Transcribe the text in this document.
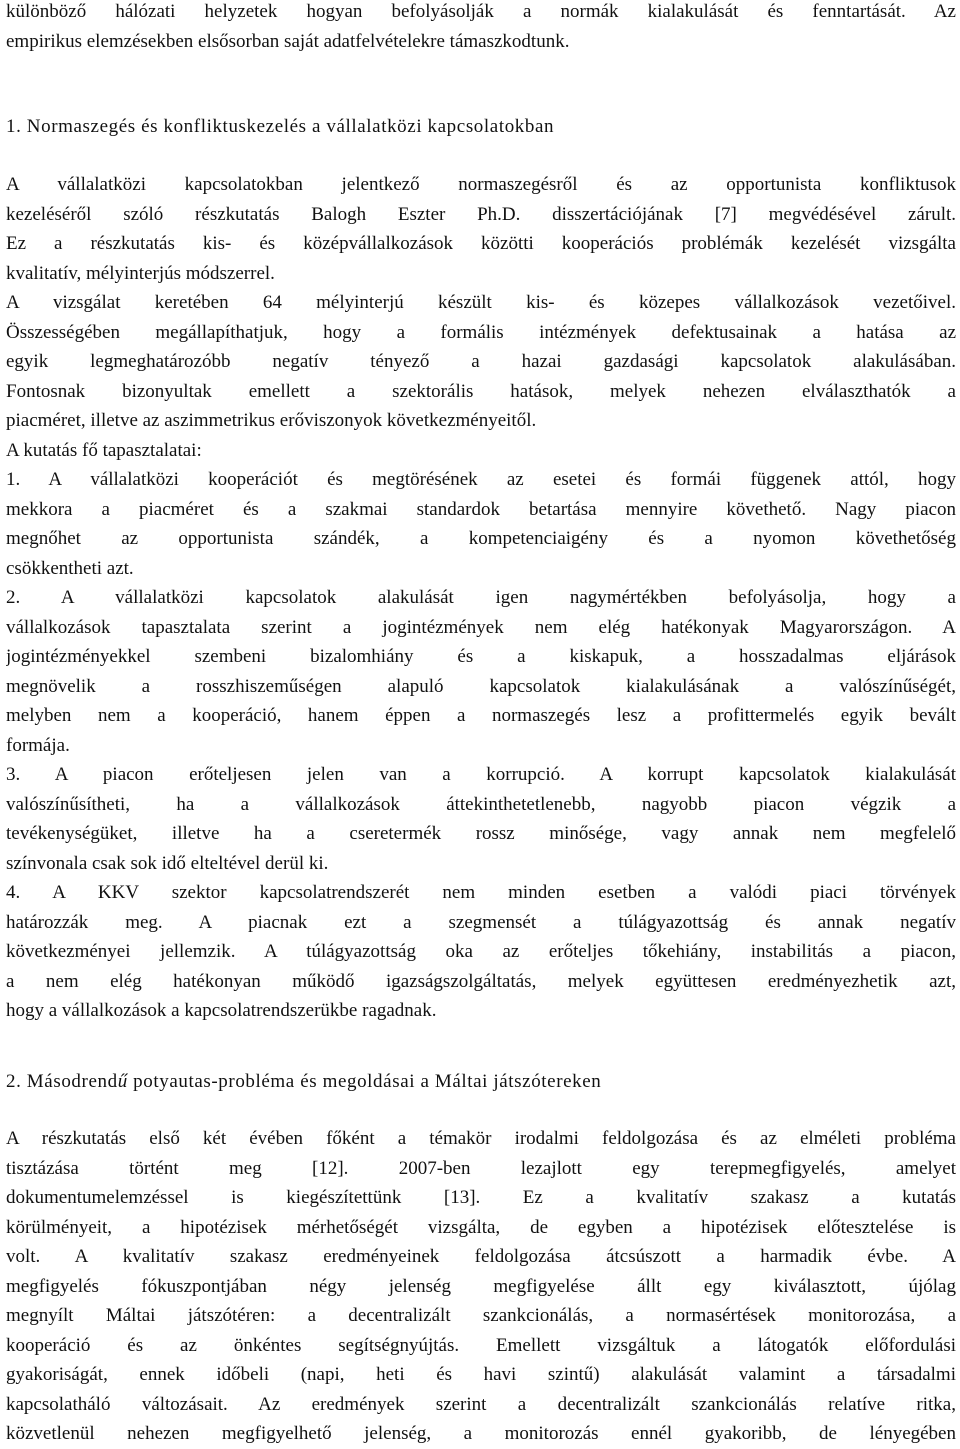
különböző hálózati helyzetek hogyan befolyásolják a normák kialakulását és fenntartását. Az
empirikus elemzésekben elsősorban saját adatfelvételekre támaszkodtunk.
1. Normaszegés és konfliktuskezelés a vállalatközi kapcsolatokban
A vállalatközi kapcsolatokban jelentkező normaszegésről és az opportunista konfliktusok
kezeléséről szóló részkutatás Balogh Eszter Ph.D. disszertációjának [7] megvédésével zárult.
Ez a részkutatás kis- és középvállalkozások közötti kooperációs problémák kezelését vizsgálta
kvalitatív, mélyinterjús módszerrel.
A vizsgálat keretében 64 mélyinterjú készült kis- és közepes vállalkozások vezetőivel.
Összességében megállapíthatjuk, hogy a formális intézmények defektusainak a hatása az
egyik legmeghatározóbb negatív tényező a hazai gazdasági kapcsolatok alakulásában.
Fontosnak bizonyultak emellett a szektorális hatások, melyek nehezen elválaszthatók a
piacméret, illetve az aszimmetrikus erőviszonyok következményeitől.
A kutatás fő tapasztalatai:
1. A vállalatközi kooperációt és megtörésének az esetei és formái függenek attól, hogy
mekkora a piacméret és a szakmai standardok betartása mennyire követhető. Nagy piacon
megnőhet az opportunista szándék, a kompetenciaigény és a nyomon követhetőség
csökkentheti azt.
2. A vállalatközi kapcsolatok alakulását igen nagymértékben befolyásolja, hogy a
vállalkozások tapasztalata szerint a jogintézmények nem elég hatékonyak Magyarországon. A
jogintézményekkel szembeni bizalomhiány és a kiskapuk, a hosszadalmas eljárások
megnövelik a rosszhiszeműségen alapuló kapcsolatok kialakulásának a valószínűségét,
melyben nem a kooperáció, hanem éppen a normaszegés lesz a profittermelés egyik bevált
formája.
3. A piacon erőteljesen jelen van a korrupció. A korrupt kapcsolatok kialakulását
valószínűsítheti, ha a vállalkozások áttekinthetetlenebb, nagyobb piacon végzik a
tevékenységüket, illetve ha a cseretermék rossz minősége, vagy annak nem megfelelő
színvonala csak sok idő elteltével derül ki.
4. A KKV szektor kapcsolatrendszerét nem minden esetben a valódi piaci törvények
határozzák meg. A piacnak ezt a szegmensét a túlágyazottság és annak negatív
következményei jellemzik. A túlágyazottság oka az erőteljes tőkehiány, instabilitás a piacon,
a nem elég hatékonyan működő igazságszolgáltatás, melyek együttesen eredményezhetik azt,
hogy a vállalkozások a kapcsolatrendszerükbe ragadnak.
2. Másodrendű potyautas-probléma és megoldásai a Máltai játszótereken
A részkutatás első két évében főként a témakör irodalmi feldolgozása és az elméleti probléma
tisztázása történt meg [12]. 2007-ben lezajlott egy terepmegfigyelés, amelyet
dokumentumelemzéssel is kiegészítettünk [13]. Ez a kvalitatív szakasz a kutatás
körülményeit, a hipotézisek mérhetőségét vizsgálta, de egyben a hipotézisek előtesztelése is
volt. A kvalitatív szakasz eredményeinek feldolgozása átcsúszott a harmadik évbe. A
megfigyelés fókuszpontjában négy jelenség megfigyelése állt egy kiválasztott, újólag
megnyílt Máltai játszótéren: a decentralizált szankcionálás, a normasértések monitorozása, a
kooperáció és az önkéntes segítségnyújtás. Emellett vizsgáltuk a látogatók előfordulási
gyakoriságát, ennek időbeli (napi, heti és havi szintű) alakulását valamint a társadalmi
kapcsolatháló változásait. Az eredmények szerint a decentralizált szankcionálás relatíve ritka,
közvetlenül nehezen megfigyelhető jelenség, a monitorozás ennél gyakoribb, de lényegében
